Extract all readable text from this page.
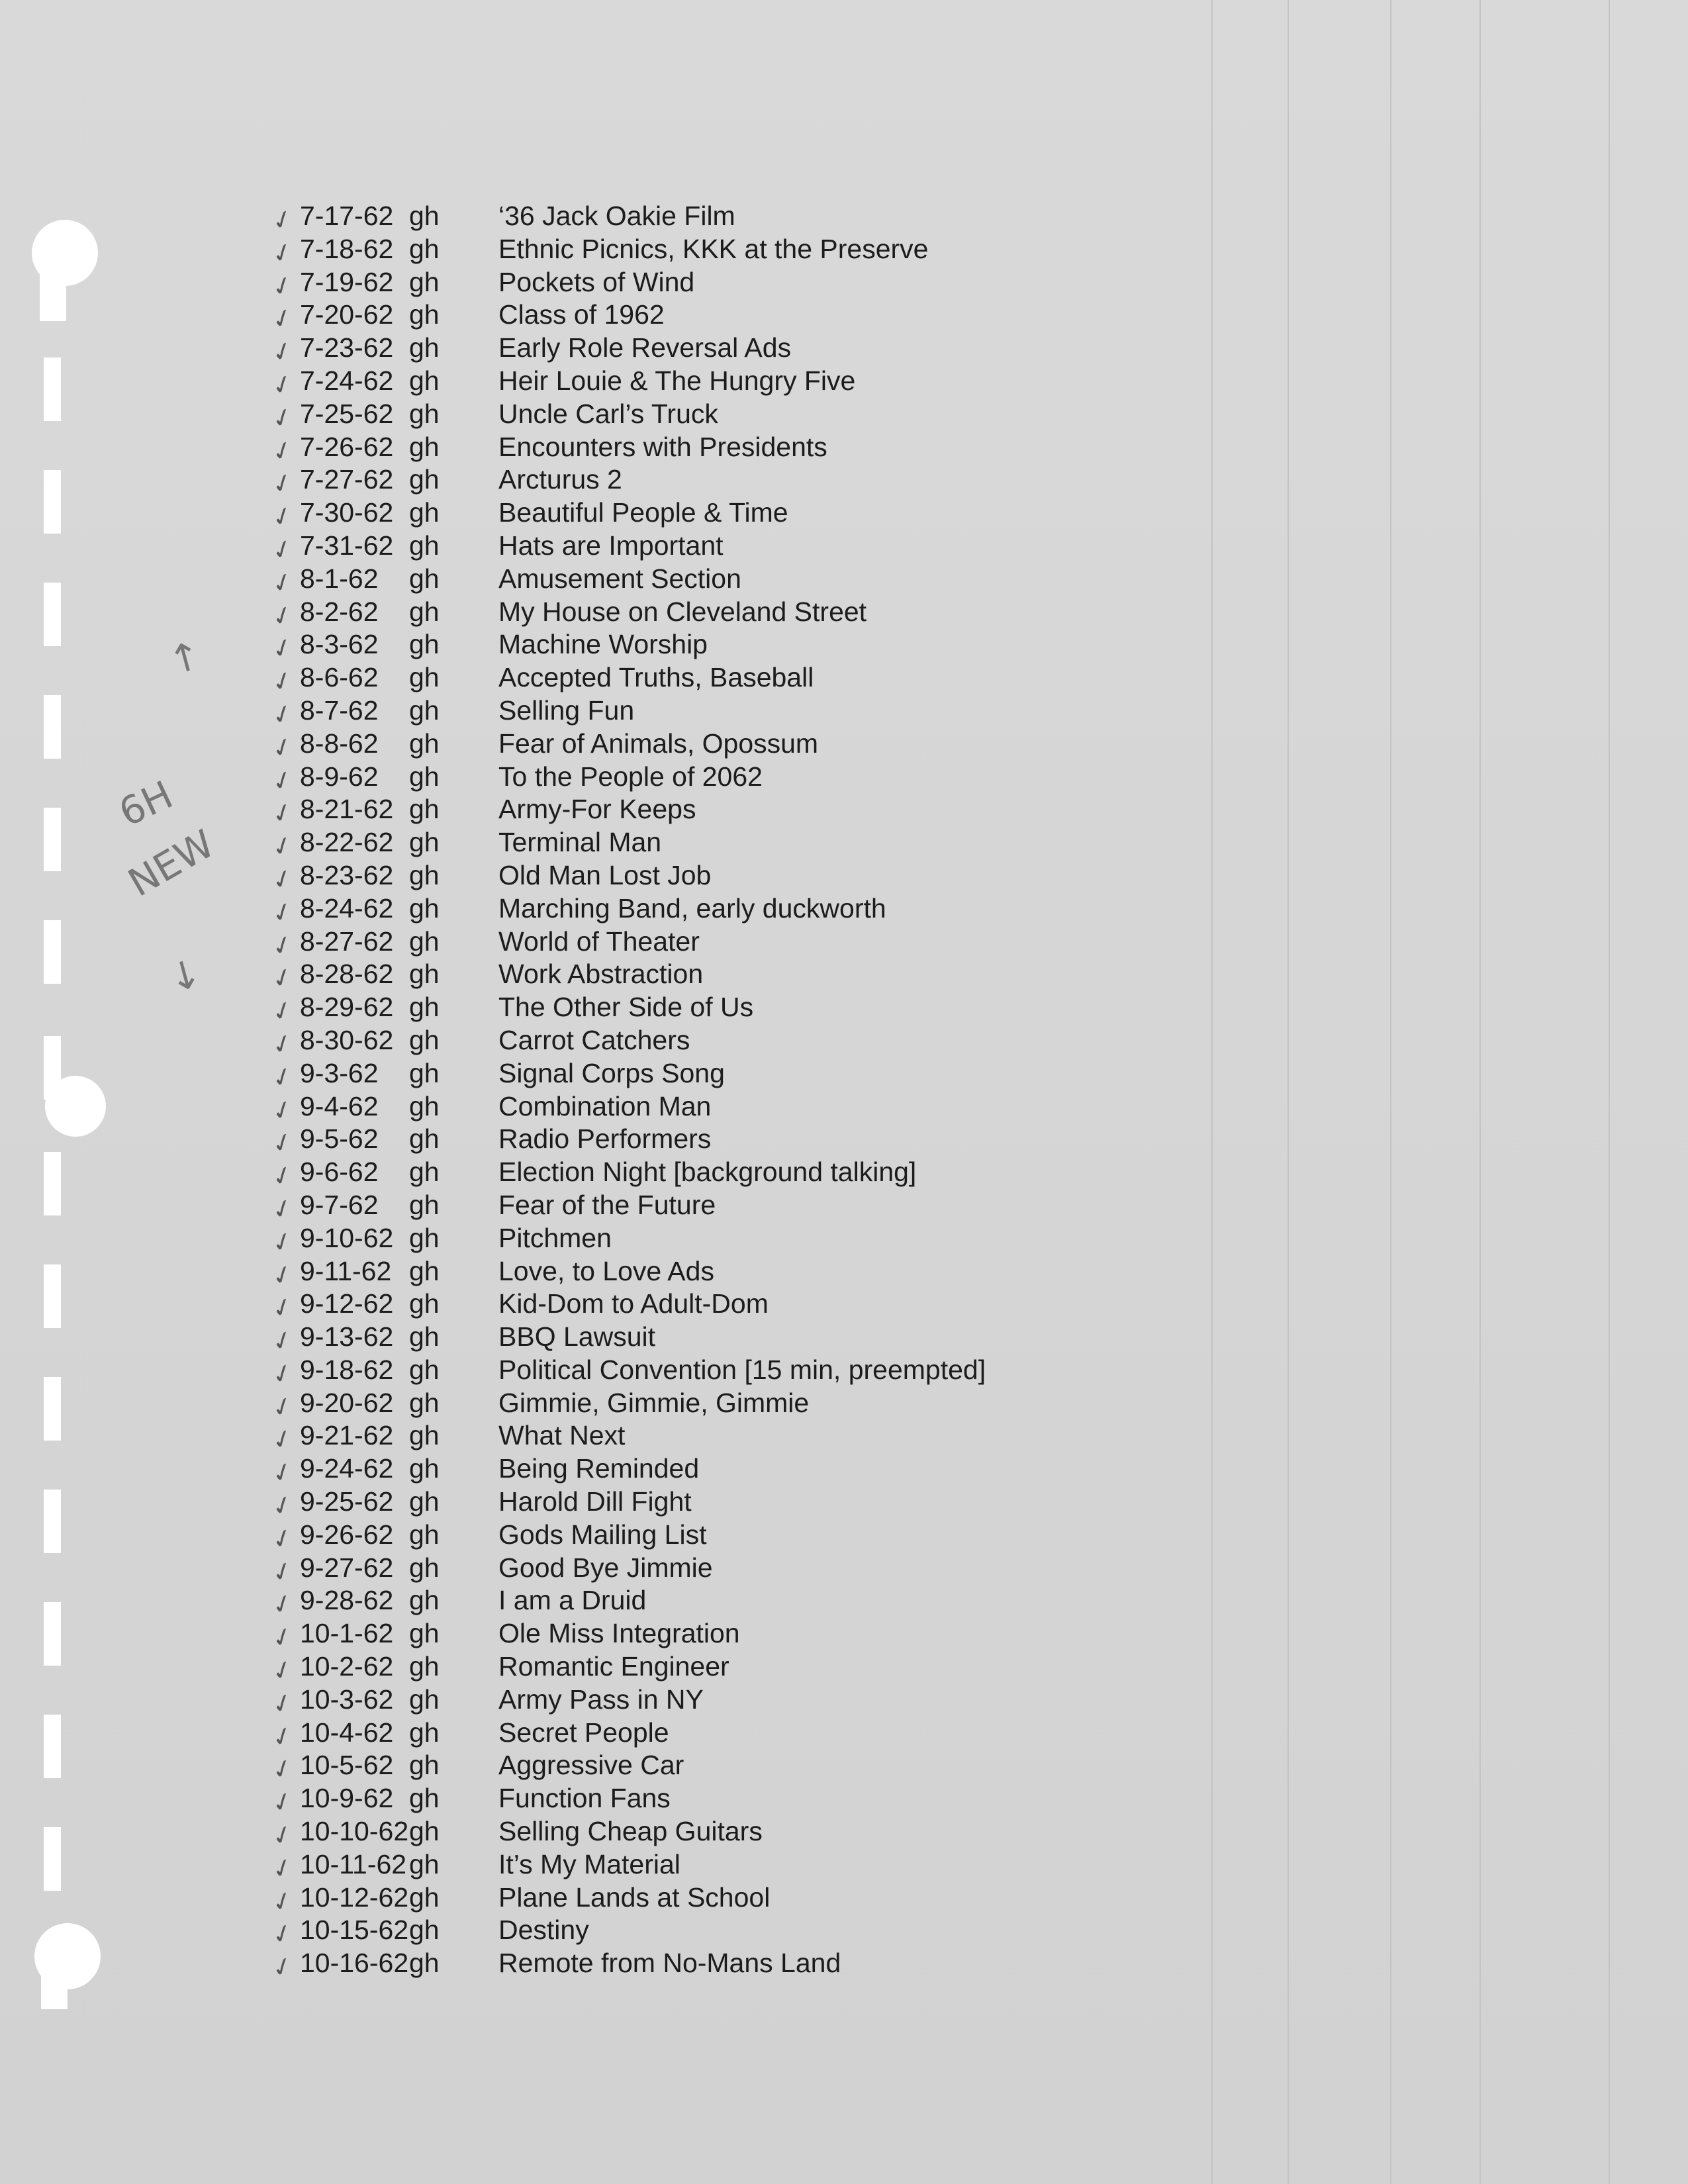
↑
6H
NEW
↓
✓ 7-17-62 gh ‘36 Jack Oakie Film
✓ 7-18-62 gh Ethnic Picnics, KKK at the Preserve
✓ 7-19-62 gh Pockets of Wind
✓ 7-20-62 gh Class of 1962
✓ 7-23-62 gh Early Role Reversal Ads
✓ 7-24-62 gh Heir Louie & The Hungry Five
✓ 7-25-62 gh Uncle Carl’s Truck
✓ 7-26-62 gh Encounters with Presidents
✓ 7-27-62 gh Arcturus 2
✓ 7-30-62 gh Beautiful People & Time
✓ 7-31-62 gh Hats are Important
✓ 8-1-62 gh Amusement Section
✓ 8-2-62 gh My House on Cleveland Street
✓ 8-3-62 gh Machine Worship
✓ 8-6-62 gh Accepted Truths, Baseball
✓ 8-7-62 gh Selling Fun
✓ 8-8-62 gh Fear of Animals, Opossum
✓ 8-9-62 gh To the People of 2062
✓ 8-21-62 gh Army-For Keeps
✓ 8-22-62 gh Terminal Man
✓ 8-23-62 gh Old Man Lost Job
✓ 8-24-62 gh Marching Band, early duckworth
✓ 8-27-62 gh World of Theater
✓ 8-28-62 gh Work Abstraction
✓ 8-29-62 gh The Other Side of Us
✓ 8-30-62 gh Carrot Catchers
✓ 9-3-62 gh Signal Corps Song
✓ 9-4-62 gh Combination Man
✓ 9-5-62 gh Radio Performers
✓ 9-6-62 gh Election Night [background talking]
✓ 9-7-62 gh Fear of the Future
✓ 9-10-62 gh Pitchmen
✓ 9-11-62 gh Love, to Love Ads
✓ 9-12-62 gh Kid-Dom to Adult-Dom
✓ 9-13-62 gh BBQ Lawsuit
✓ 9-18-62 gh Political Convention [15 min, preempted]
✓ 9-20-62 gh Gimmie, Gimmie, Gimmie
✓ 9-21-62 gh What Next
✓ 9-24-62 gh Being Reminded
✓ 9-25-62 gh Harold Dill Fight
✓ 9-26-62 gh Gods Mailing List
✓ 9-27-62 gh Good Bye Jimmie
✓ 9-28-62 gh I am a Druid
✓ 10-1-62 gh Ole Miss Integration
✓ 10-2-62 gh Romantic Engineer
✓ 10-3-62 gh Army Pass in NY
✓ 10-4-62 gh Secret People
✓ 10-5-62 gh Aggressive Car
✓ 10-9-62 gh Function Fans
✓ 10-10-62 gh Selling Cheap Guitars
✓ 10-11-62 gh It’s My Material
✓ 10-12-62 gh Plane Lands at School
✓ 10-15-62 gh Destiny
✓ 10-16-62 gh Remote from No-Mans Land
